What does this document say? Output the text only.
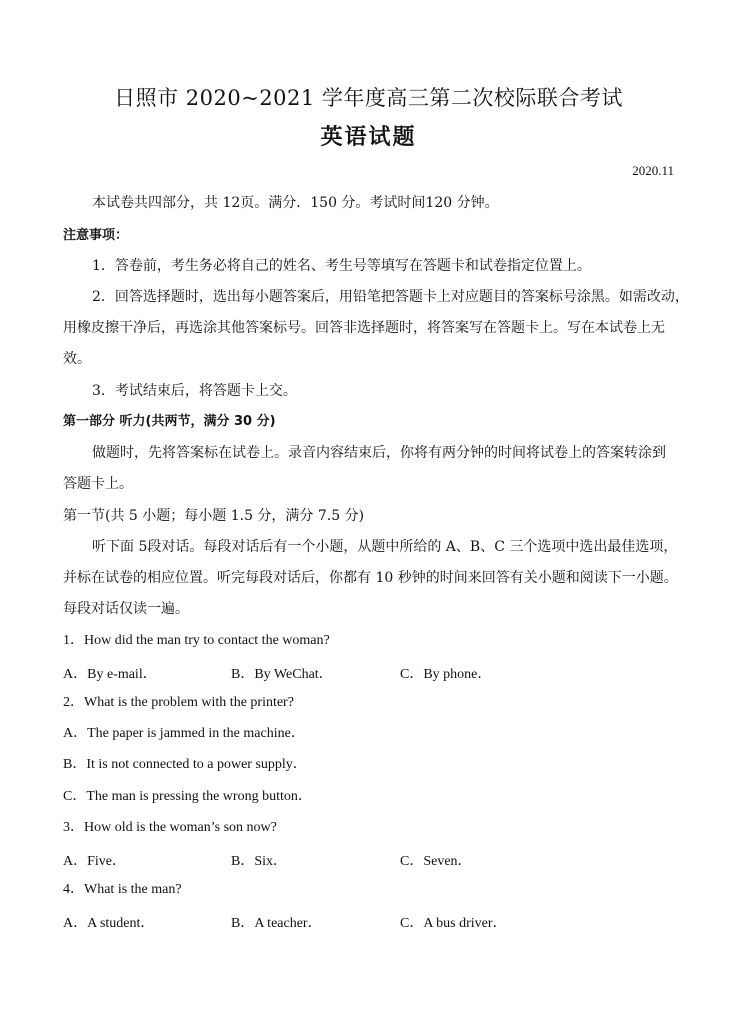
日照市 2020~2021 学年度高三第二次校际联合考试
英语试题
2020.11
本试卷共四部分，共 12页。满分．150 分。考试时间120 分钟。
注意事项：
1．答卷前，考生务必将自己的姓名、考生号等填写在答题卡和试卷指定位置上。
2．回答选择题时，选出每小题答案后，用铅笔把答题卡上对应题目的答案标号涂黑。如需改动，
用橡皮擦干净后，再选涂其他答案标号。回答非选择题时，将答案写在答题卡上。写在本试卷上无
效。
3．考试结束后，将答题卡上交。
第一部分 听力(共两节，满分 30 分)
做题时，先将答案标在试卷上。录音内容结束后，你将有两分钟的时间将试卷上的答案转涂到
答题卡上。
第一节(共 5 小题；每小题 1.5 分，满分 7.5 分)
听下面 5段对话。每段对话后有一个小题，从题中所给的 A、B、C 三个选项中选出最佳选项，
并标在试卷的相应位置。听完每段对话后，你都有 10 秒钟的时间来回答有关小题和阅读下一小题。
每段对话仅读一遍。
1．How did the man try to contact the woman?
A．By e-mail．	B．By WeChat．	C．By phone．
2．What is the problem with the printer?
A．The paper is jammed in the machine．
B．It is not connected to a power supply．
C．The man is pressing the wrong button．
3．How old is the woman’s son now?
A．Five．	B．Six．	C．Seven．
4．What is the man?
A．A student．	B．A teacher．	C．A bus driver．
